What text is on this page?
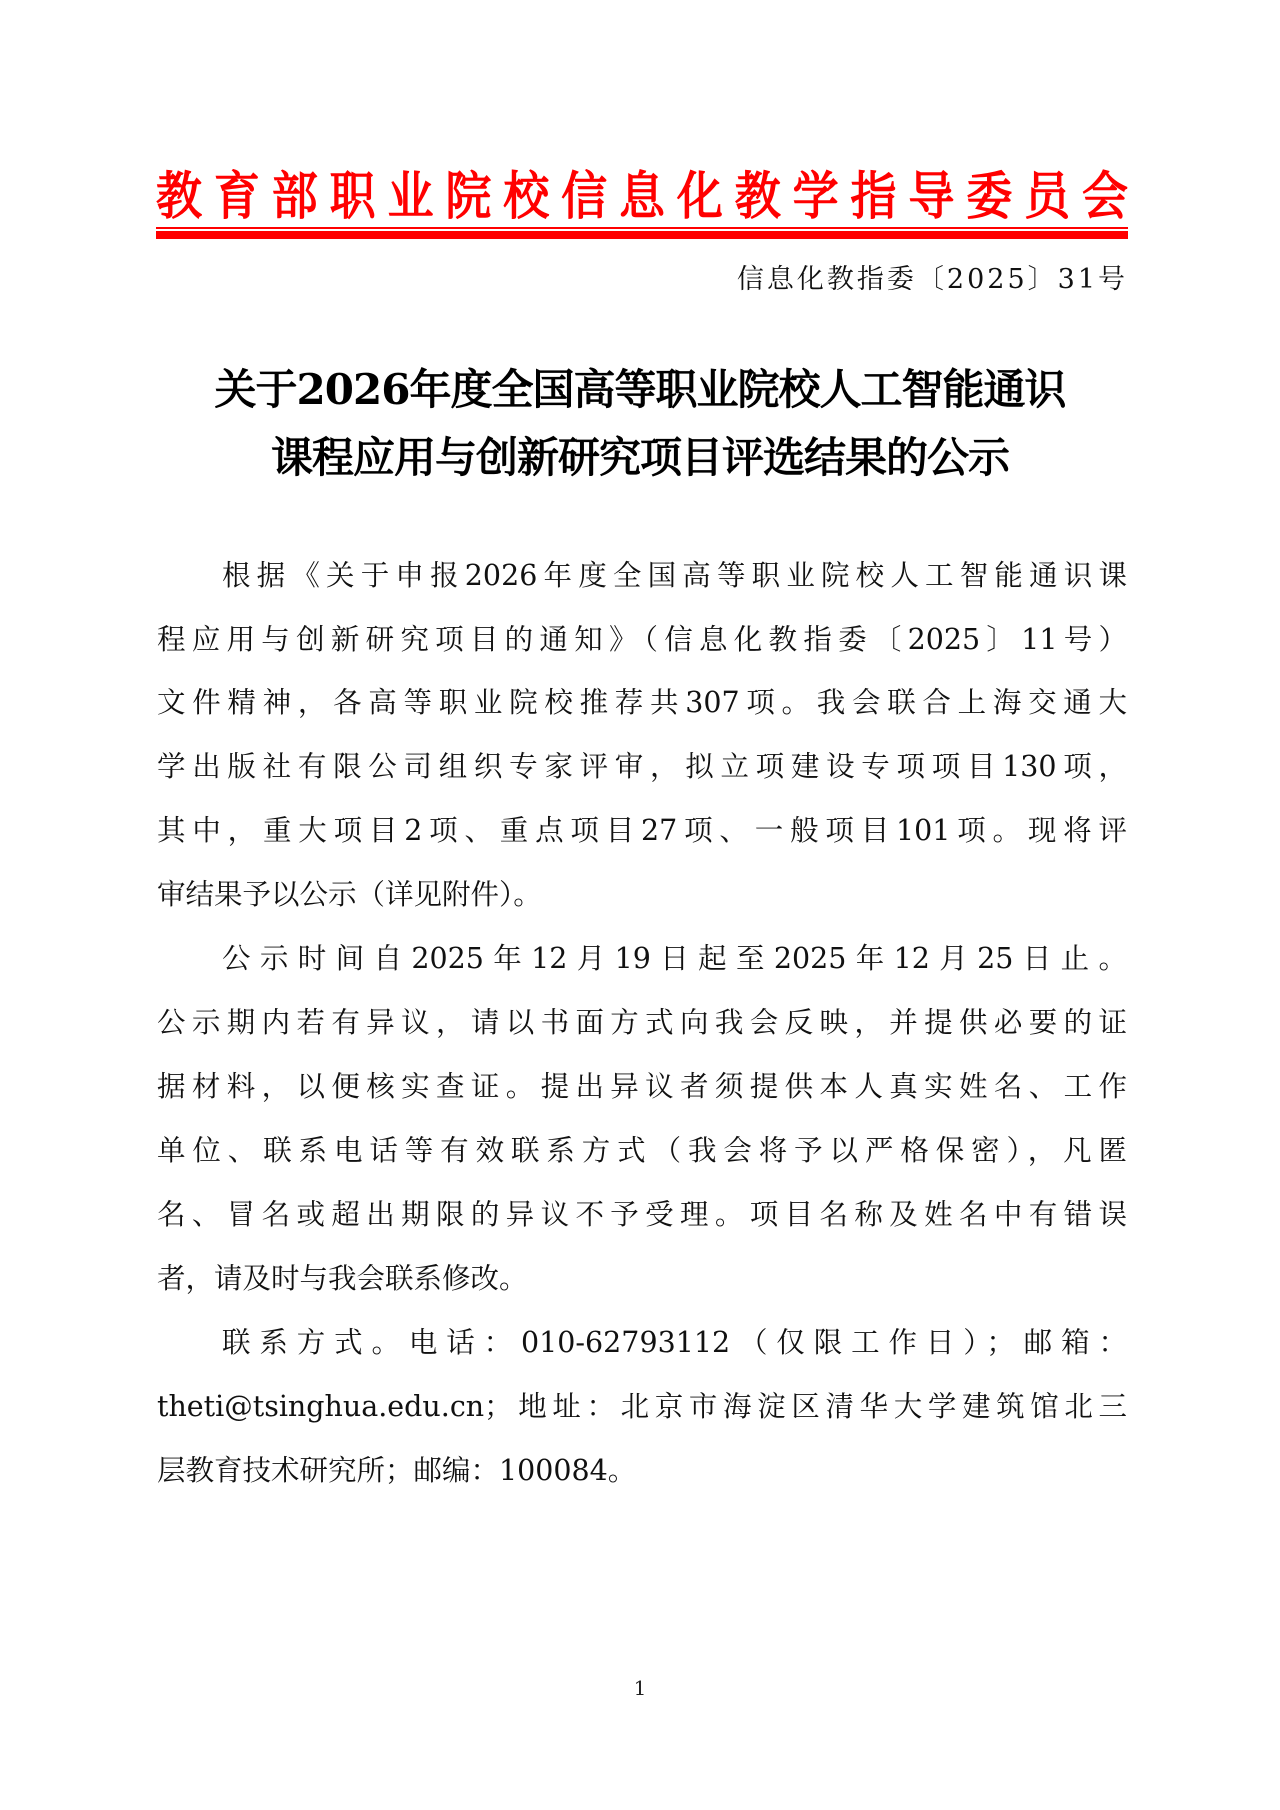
教 育 部 职 业 院 校 信 息 化 教 学 指 导 委 员 会
信息化教指委〔2025〕31号
关于2026年度全国高等职业院校人工智能通识
课程应用与创新研究项目评选结果的公示
根据《关于申报2026年度全国高等职业院校人工智能通识课
程应用与创新研究项目的通知》（信息化教指委〔2025〕11号）
文件精神，各高等职业院校推荐共307项。我会联合上海交通大
学出版社有限公司组织专家评审，拟立项建设专项项目130项，
其中，重大项目2项、重点项目27项、一般项目101项。现将评
审结果予以公示（详见附件）。
公示时间自2025年12月19日起至2025年12月25日止。
公示期内若有异议，请以书面方式向我会反映，并提供必要的证
据材料，以便核实查证。提出异议者须提供本人真实姓名、工作
单位、联系电话等有效联系方式（我会将予以严格保密），凡匿
名、冒名或超出期限的异议不予受理。项目名称及姓名中有错误
者，请及时与我会联系修改。
联系方式。电话：010-62793112（仅限工作日）；邮箱：
theti@tsinghua.edu.cn；地址：北京市海淀区清华大学建筑馆北三
层教育技术研究所；邮编：100084。
1
